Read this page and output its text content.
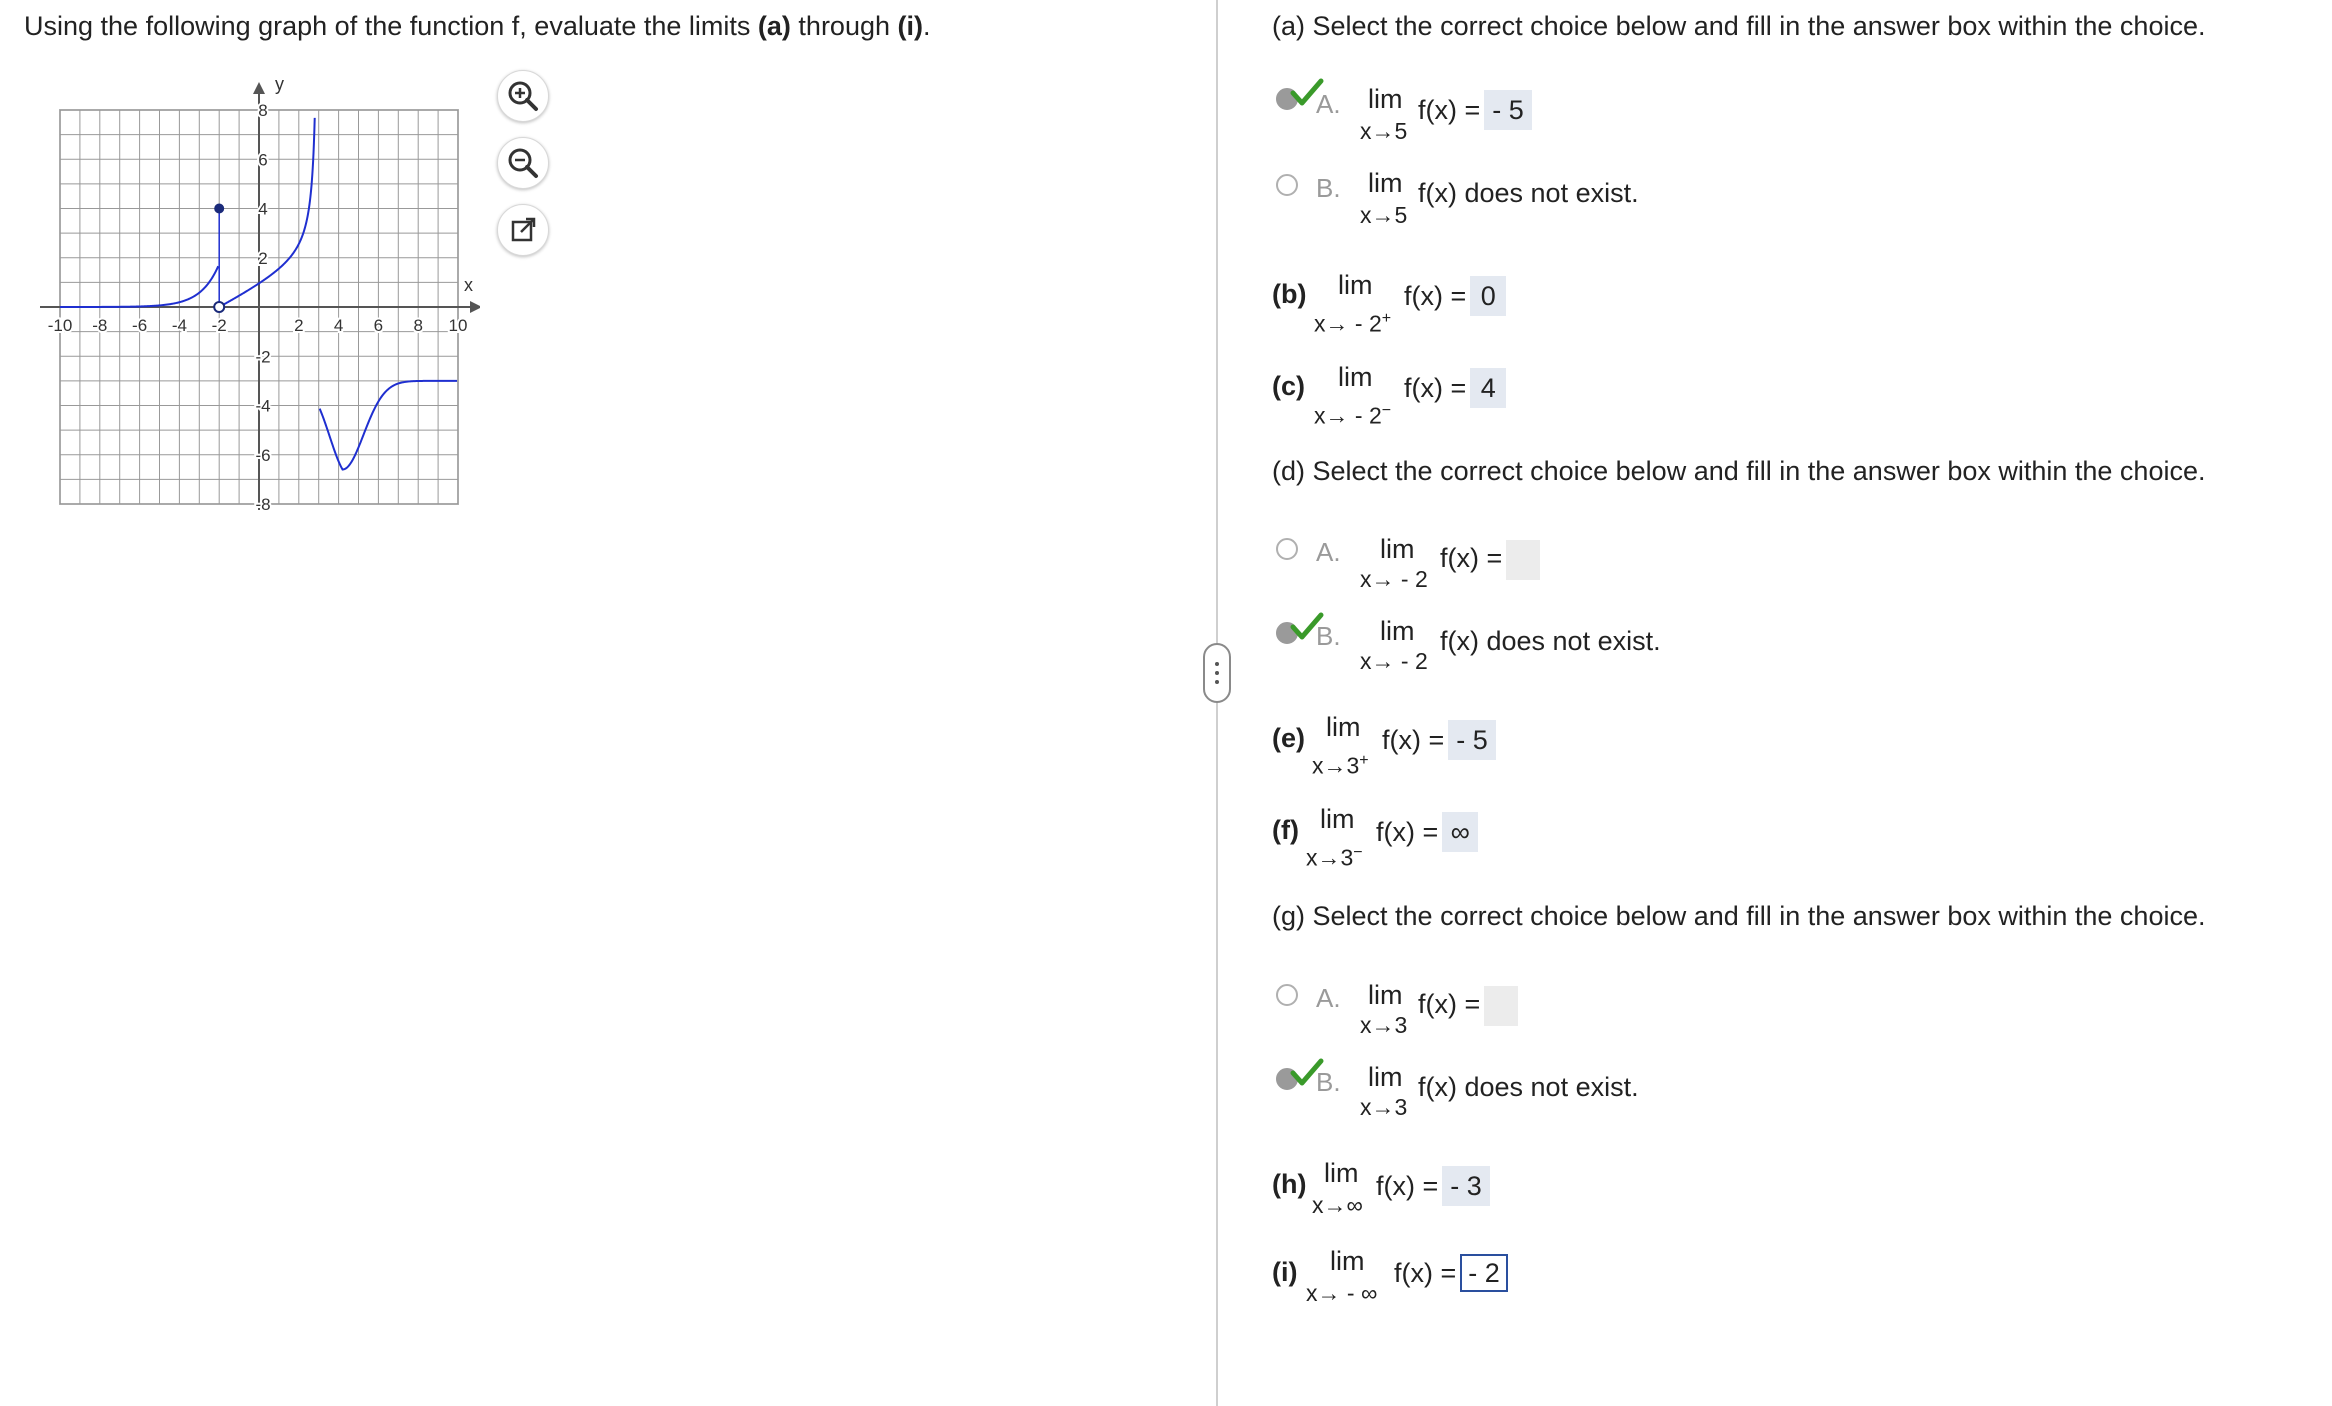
Using the following graph of the function f, evaluate the limits (a) through (i).
-10 -8 -6 -4 -2	2 4 6 8 10
8
6
4
2
-2
-4
-6
-8
x
y
(a) Select the correct choice below and fill in the answer box within the choice.
A. lim
x→5
f(x) = - 5
B. lim
x→5
f(x) does not exist.
(b) lim
x→ - 2+
f(x) = 0
(c) lim
x→ - 2−
f(x) = 4
(d) Select the correct choice below and fill in the answer box within the choice.
A. lim
x→ - 2
f(x) =
B. lim
x→ - 2
f(x) does not exist.
(e) lim
x→3+
f(x) = - 5
(f) lim
x→3−
f(x) = ∞
(g) Select the correct choice below and fill in the answer box within the choice.
A. lim
x→3
f(x) =
B. lim
x→3
f(x) does not exist.
(h) lim
x→∞
f(x) = - 3
(i) lim
x→ - ∞
f(x) = - 2
